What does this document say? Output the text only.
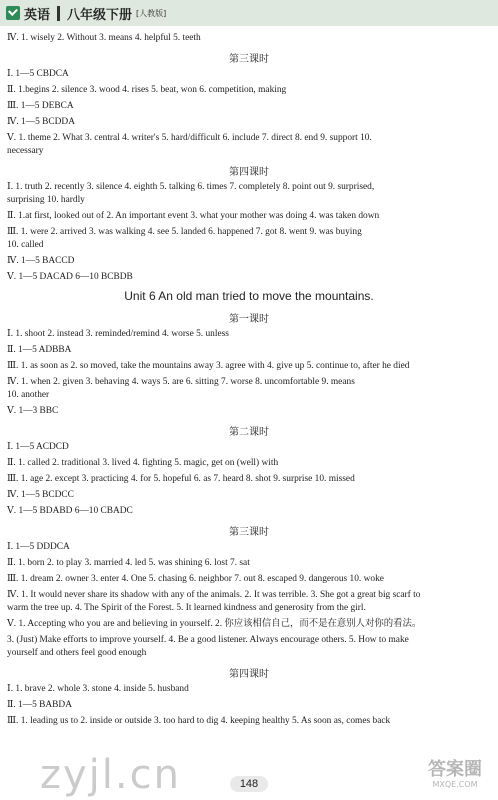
英语 八年级下册 [人教版]
Ⅳ. 1. wisely 2. Without 3. means 4. helpful 5. teeth
第三课时
Ⅰ. 1—5 CBDCA
Ⅱ. 1.begins 2. silence 3. wood 4. rises 5. beat, won 6. competition, making
Ⅲ. 1—5 DEBCA
Ⅳ. 1—5 BCDDA
Ⅴ. 1. theme 2. What 3. central 4. writer's 5. hard/difficult 6. include 7. direct 8. end 9. support 10.
necessary
第四课时
Ⅰ. 1. truth 2. recently 3. silence 4. eighth 5. talking 6. times 7. completely 8. point out 9. surprised,
surprising 10. hardly
Ⅱ. 1.at first, looked out of 2. An important event 3. what your mother was doing 4. was taken down
Ⅲ. 1. were 2. arrived 3. was walking 4. see 5. landed 6. happened 7. got 8. went 9. was buying
10. called
Ⅳ. 1—5 BACCD
Ⅴ. 1—5 DACAD 6—10 BCBDB
Unit 6 An old man tried to move the mountains.
第一课时
Ⅰ. 1. shoot 2. instead 3. reminded/remind 4. worse 5. unless
Ⅱ. 1—5 ADBBA
Ⅲ. 1. as soon as 2. so moved, take the mountains away 3. agree with 4. give up 5. continue to, after he died
Ⅳ. 1. when 2. given 3. behaving 4. ways 5. are 6. sitting 7. worse 8. uncomfortable 9. means
10. another
Ⅴ. 1—3 BBC
第二课时
Ⅰ. 1—5 ACDCD
Ⅱ. 1. called 2. traditional 3. lived 4. fighting 5. magic, get on (well) with
Ⅲ. 1. age 2. except 3. practicing 4. for 5. hopeful 6. as 7. heard 8. shot 9. surprise 10. missed
Ⅳ. 1—5 BCDCC
Ⅴ. 1—5 BDABD 6—10 CBADC
第三课时
Ⅰ. 1—5 DDDCA
Ⅱ. 1. born 2. to play 3. married 4. led 5. was shining 6. lost 7. sat
Ⅲ. 1. dream 2. owner 3. enter 4. One 5. chasing 6. neighbor 7. out 8. escaped 9. dangerous 10. woke
Ⅳ. 1. It would never share its shadow with any of the animals. 2. It was terrible. 3. She got a great big scarf to
warm the tree up. 4. The Spirit of the Forest. 5. It learned kindness and generosity from the girl.
Ⅴ. 1. Accepting who you are and believing in yourself. 2. 你应该相信自己，而不是在意别人对你的看法。
3. (Just) Make efforts to improve yourself. 4. Be a good listener. Always encourage others. 5. How to make
yourself and others feel good enough
第四课时
Ⅰ. 1. brave 2. whole 3. stone 4. inside 5. husband
Ⅱ. 1—5 BABDA
Ⅲ. 1. leading us to 2. inside or outside 3. too hard to dig 4. keeping healthy 5. As soon as, comes back
148
zyjl.cn	答案圈
MXQE.COM
